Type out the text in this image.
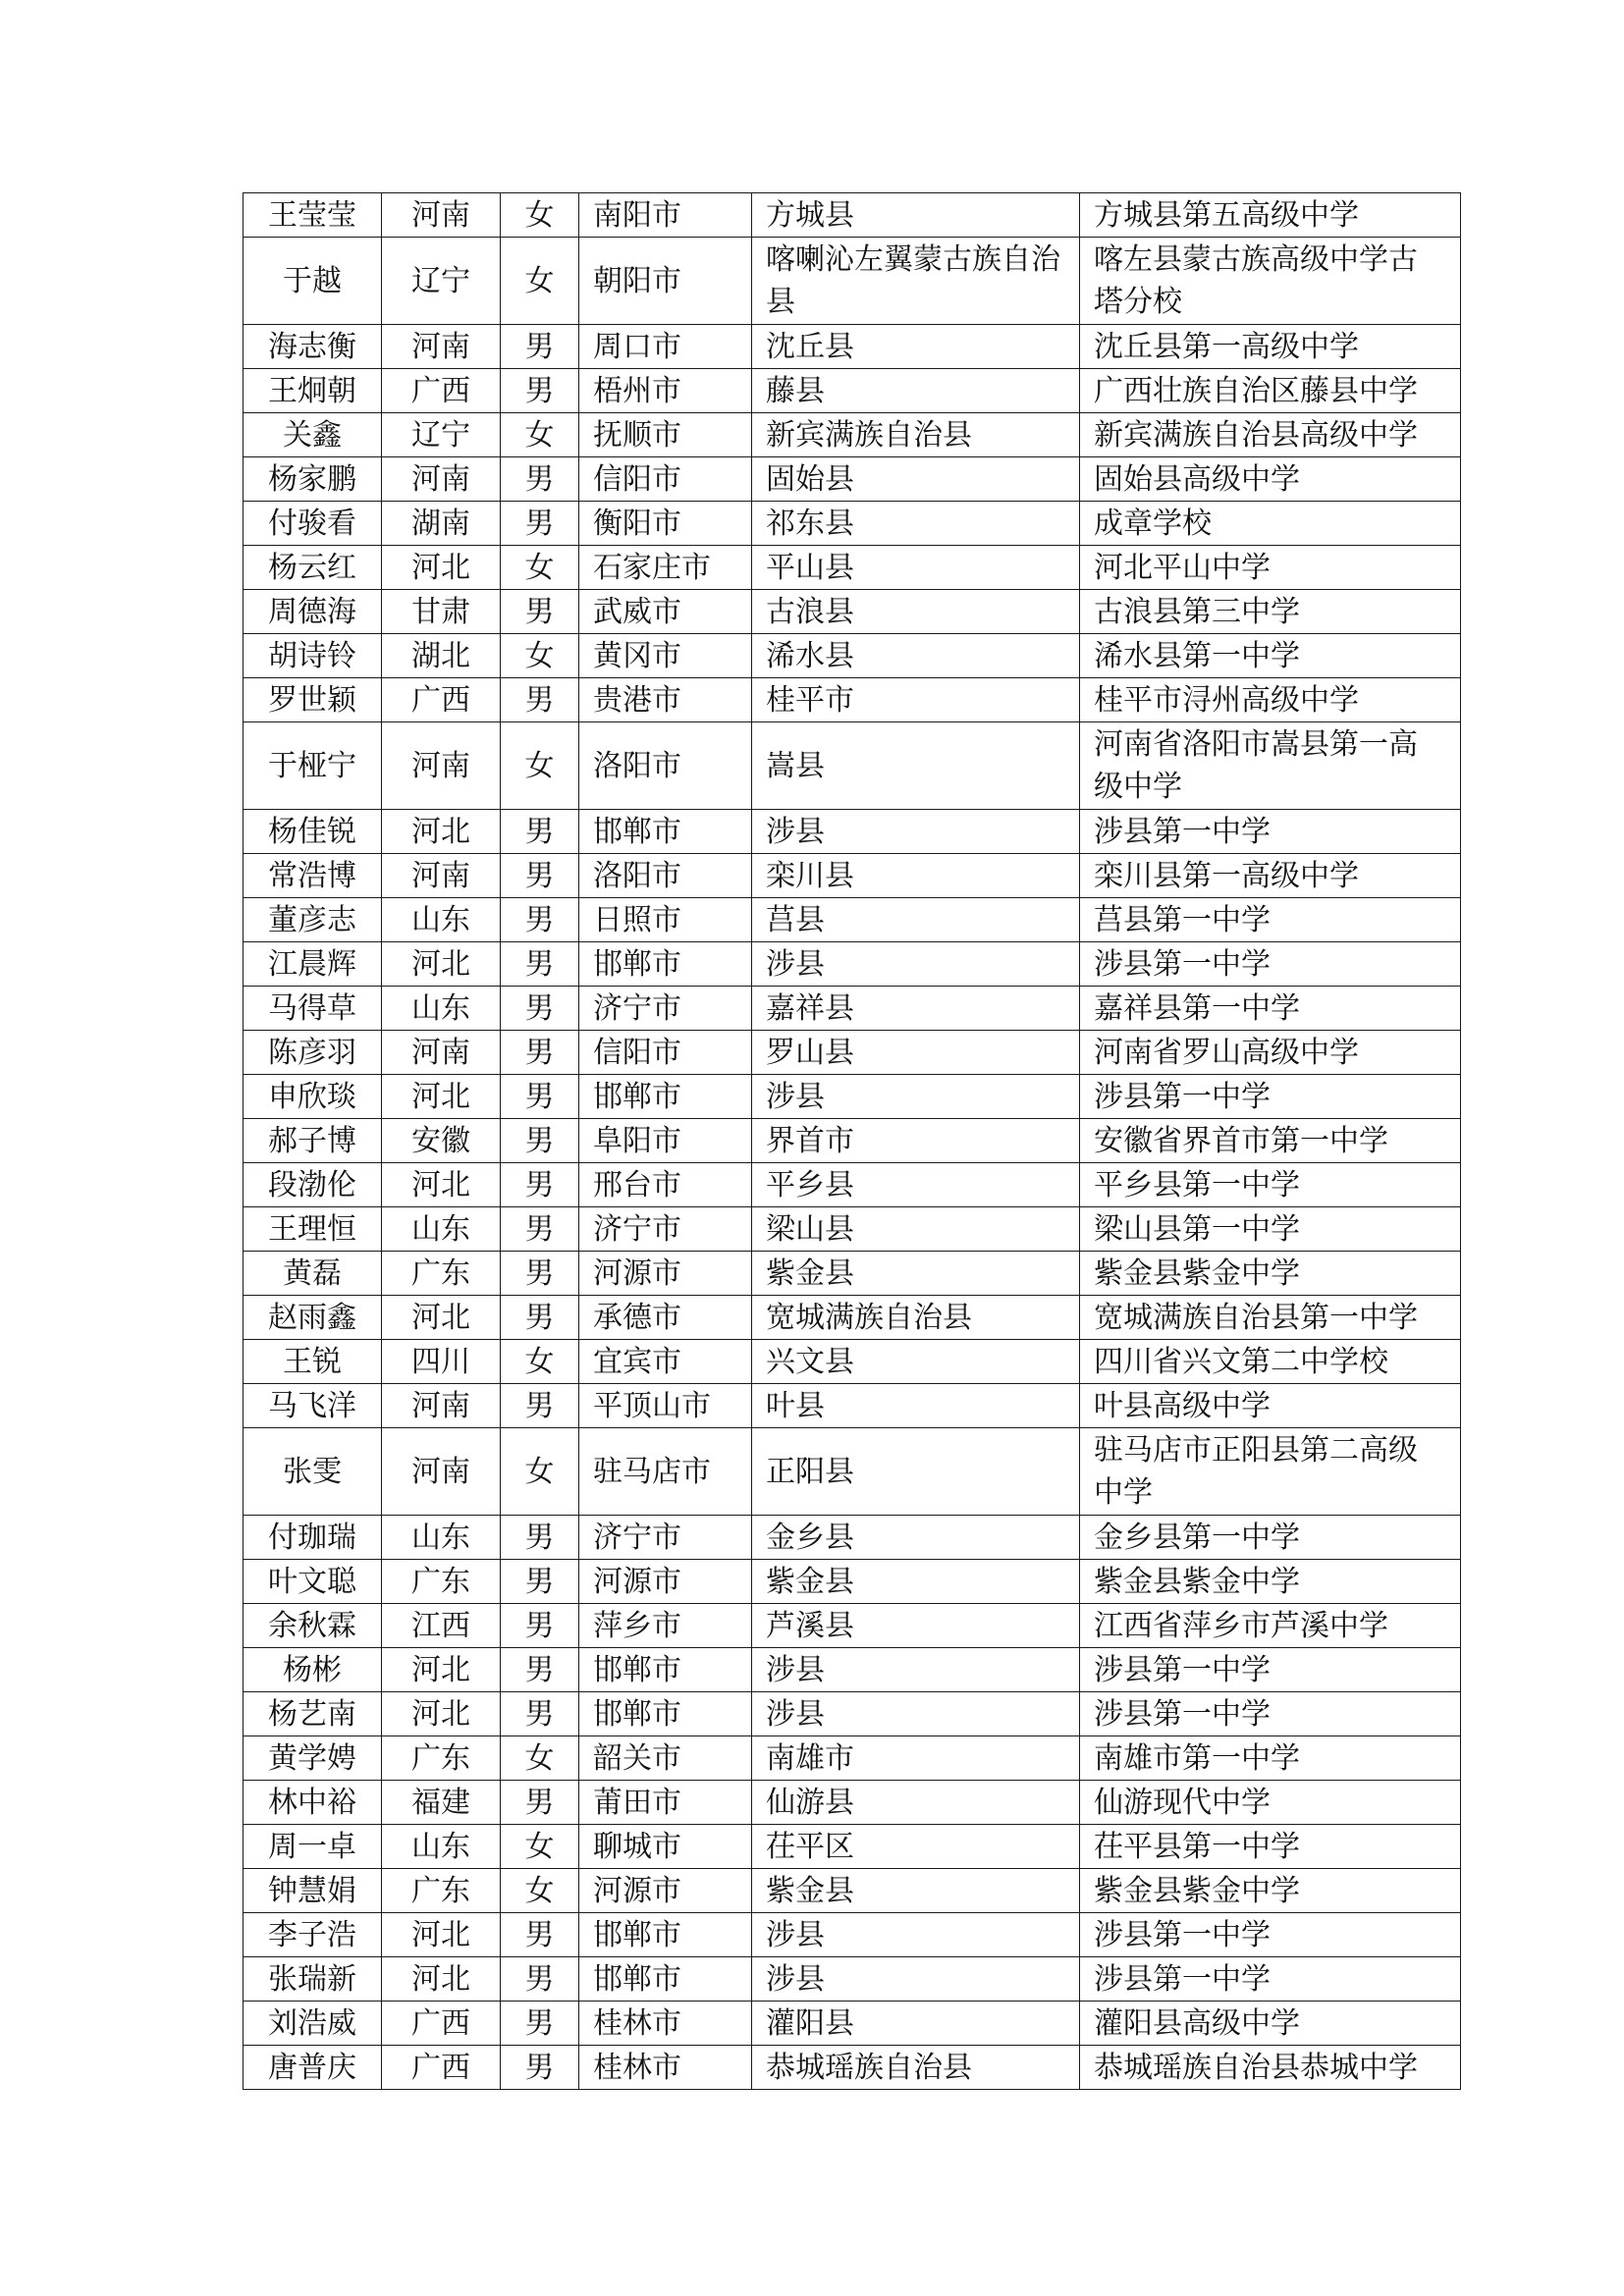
王莹莹	河南	女	南阳市	方城县	方城县第五高级中学
于越	辽宁	女	朝阳市	喀喇沁左翼蒙古族自治县	喀左县蒙古族高级中学古塔分校
海志衡	河南	男	周口市	沈丘县	沈丘县第一高级中学
王炯朝	广西	男	梧州市	藤县	广西壮族自治区藤县中学
关鑫	辽宁	女	抚顺市	新宾满族自治县	新宾满族自治县高级中学
杨家鹏	河南	男	信阳市	固始县	固始县高级中学
付骏看	湖南	男	衡阳市	祁东县	成章学校
杨云红	河北	女	石家庄市	平山县	河北平山中学
周德海	甘肃	男	武威市	古浪县	古浪县第三中学
胡诗铃	湖北	女	黄冈市	浠水县	浠水县第一中学
罗世颖	广西	男	贵港市	桂平市	桂平市浔州高级中学
于桠宁	河南	女	洛阳市	嵩县	河南省洛阳市嵩县第一高级中学
杨佳锐	河北	男	邯郸市	涉县	涉县第一中学
常浩博	河南	男	洛阳市	栾川县	栾川县第一高级中学
董彦志	山东	男	日照市	莒县	莒县第一中学
江晨辉	河北	男	邯郸市	涉县	涉县第一中学
马得草	山东	男	济宁市	嘉祥县	嘉祥县第一中学
陈彦羽	河南	男	信阳市	罗山县	河南省罗山高级中学
申欣琰	河北	男	邯郸市	涉县	涉县第一中学
郝子博	安徽	男	阜阳市	界首市	安徽省界首市第一中学
段渤伦	河北	男	邢台市	平乡县	平乡县第一中学
王理恒	山东	男	济宁市	梁山县	梁山县第一中学
黄磊	广东	男	河源市	紫金县	紫金县紫金中学
赵雨鑫	河北	男	承德市	宽城满族自治县	宽城满族自治县第一中学
王锐	四川	女	宜宾市	兴文县	四川省兴文第二中学校
马飞洋	河南	男	平顶山市	叶县	叶县高级中学
张雯	河南	女	驻马店市	正阳县	驻马店市正阳县第二高级中学
付珈瑞	山东	男	济宁市	金乡县	金乡县第一中学
叶文聪	广东	男	河源市	紫金县	紫金县紫金中学
余秋霖	江西	男	萍乡市	芦溪县	江西省萍乡市芦溪中学
杨彬	河北	男	邯郸市	涉县	涉县第一中学
杨艺南	河北	男	邯郸市	涉县	涉县第一中学
黄学娉	广东	女	韶关市	南雄市	南雄市第一中学
林中裕	福建	男	莆田市	仙游县	仙游现代中学
周一卓	山东	女	聊城市	茌平区	茌平县第一中学
钟慧娟	广东	女	河源市	紫金县	紫金县紫金中学
李子浩	河北	男	邯郸市	涉县	涉县第一中学
张瑞新	河北	男	邯郸市	涉县	涉县第一中学
刘浩威	广西	男	桂林市	灌阳县	灌阳县高级中学
唐普庆	广西	男	桂林市	恭城瑶族自治县	恭城瑶族自治县恭城中学
